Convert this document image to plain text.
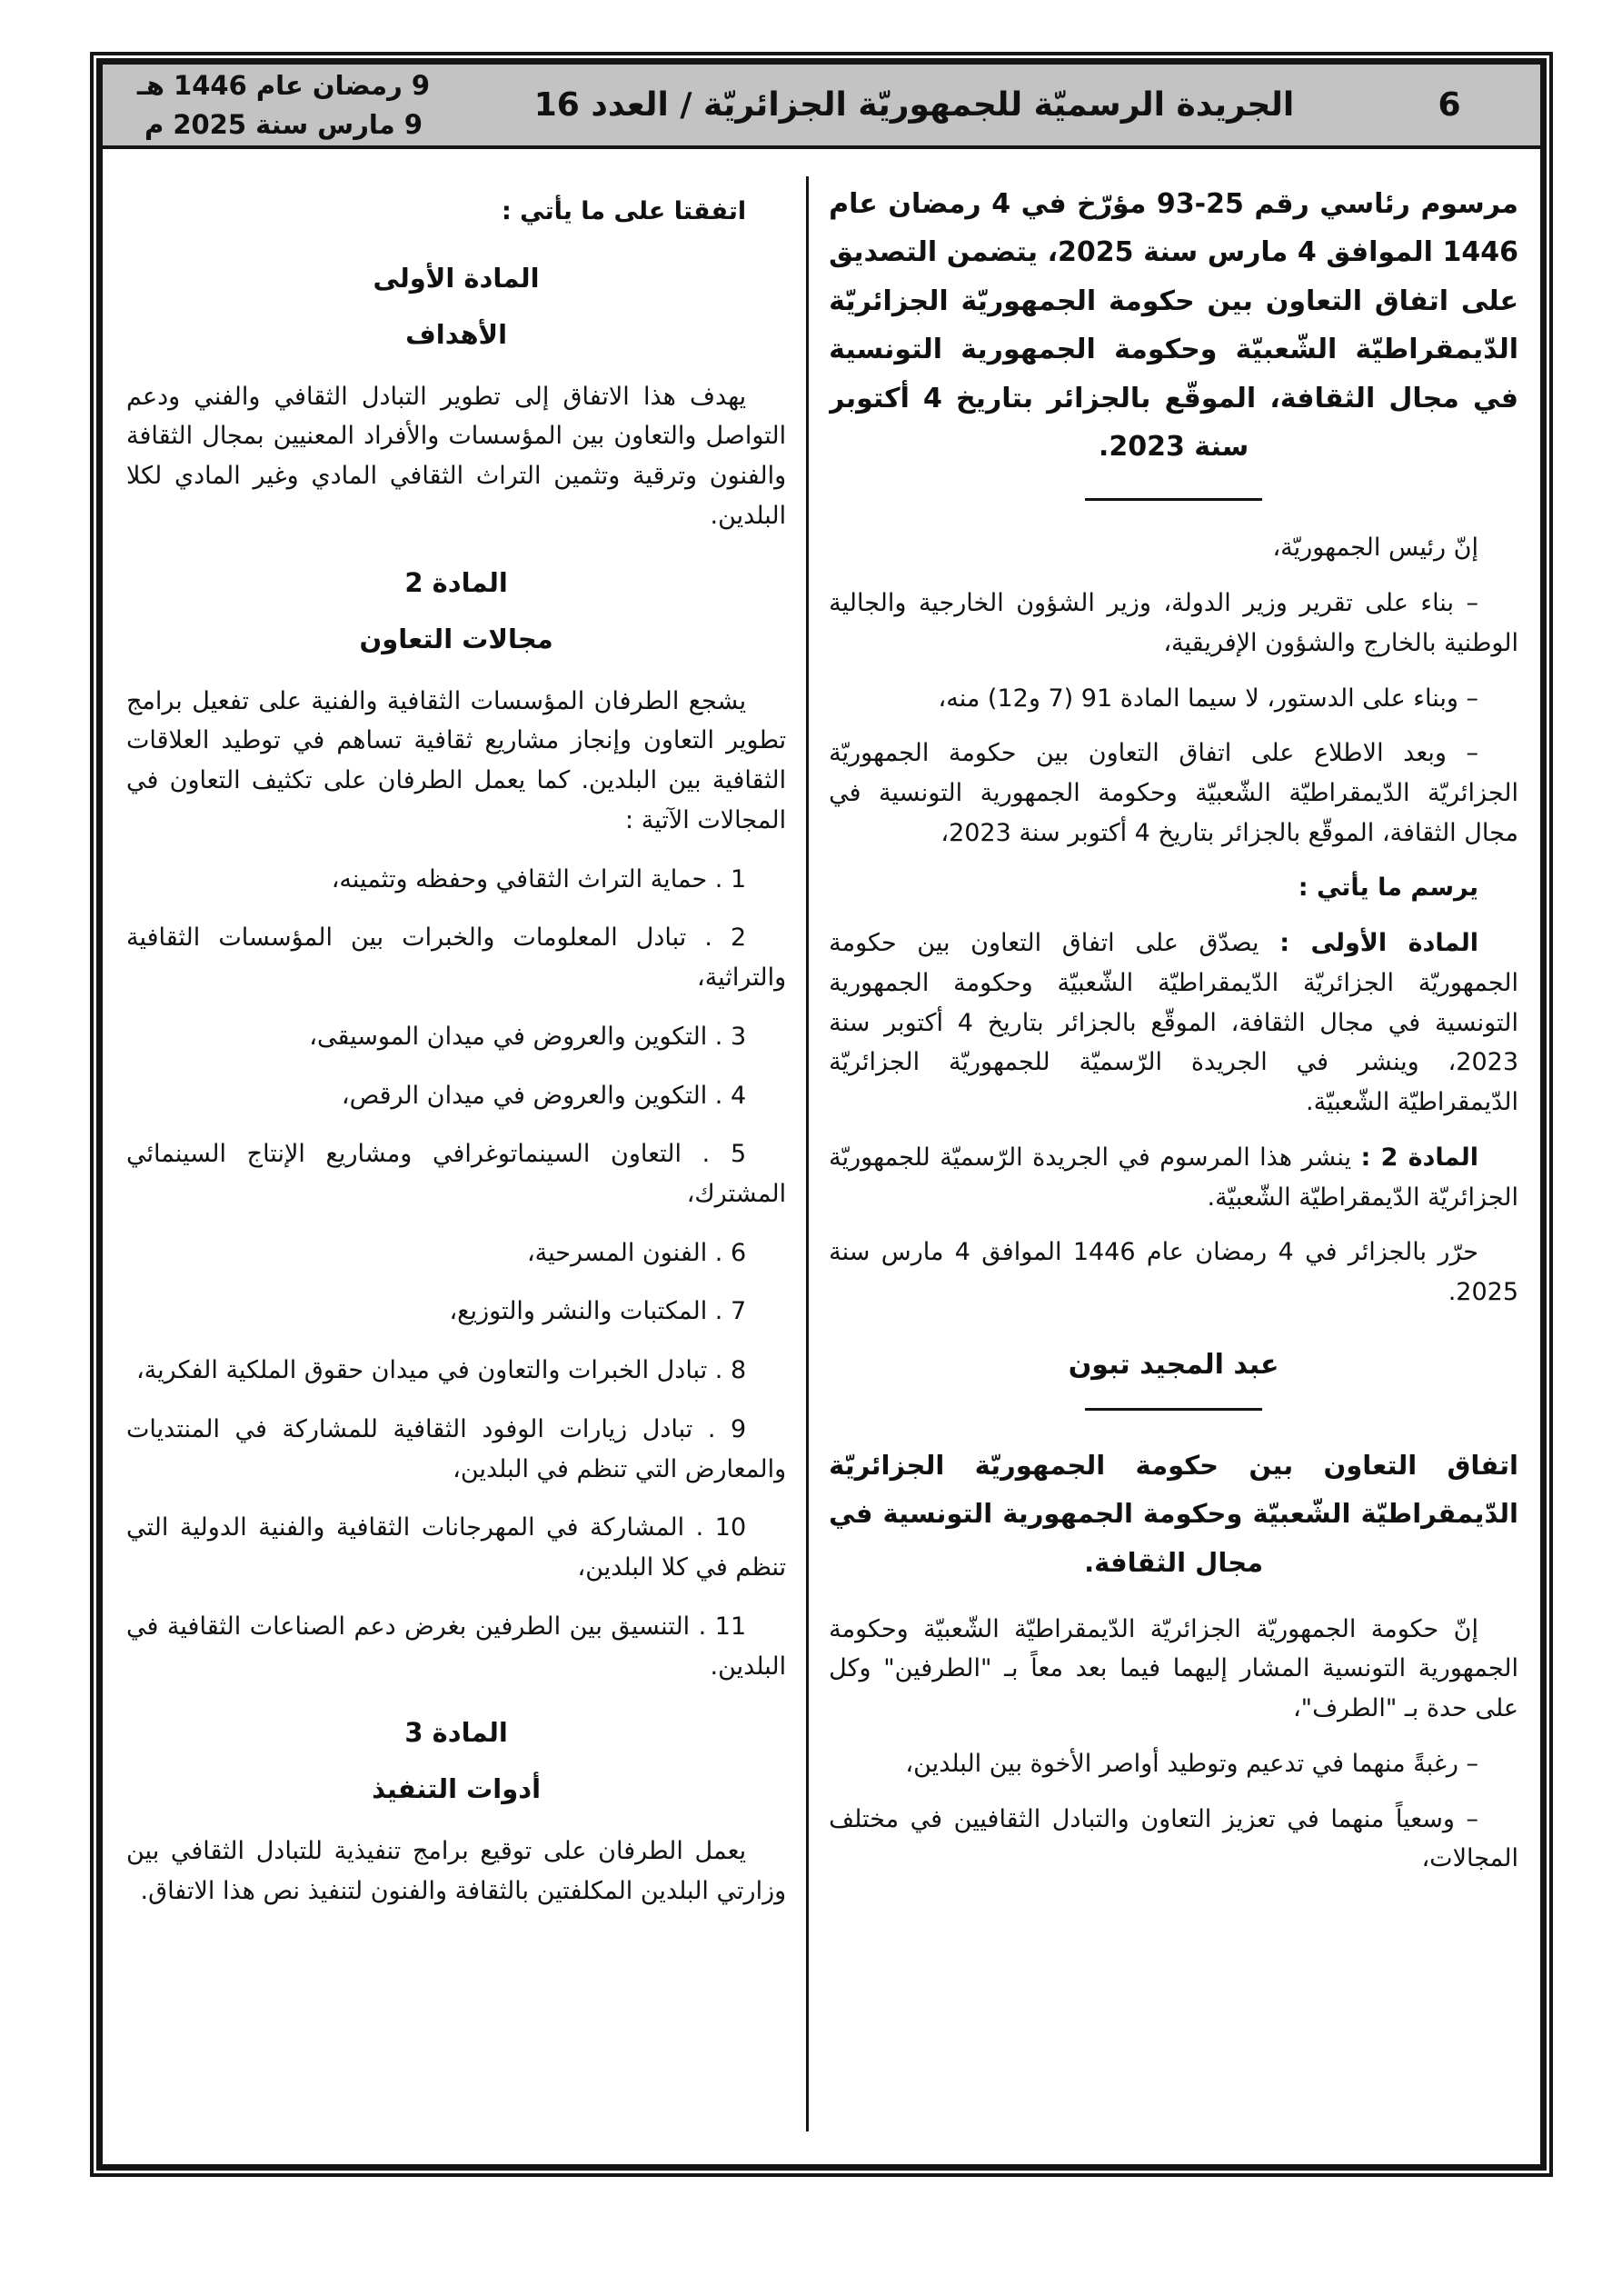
6
الجريدة الرسميّة للجمهوريّة الجزائريّة / العدد 16
9 رمضان عام 1446 هـ
9 مارس سنة 2025 م

مرسوم رئاسي رقم 25-93 مؤرّخ في 4 رمضان عام 1446 الموافق 4 مارس سنة 2025، يتضمن التصديق على اتفاق التعاون بين حكومة الجمهوريّة الجزائريّة الدّيمقراطيّة الشّعبيّة وحكومة الجمهورية التونسية في مجال الثقافة، الموقّع بالجزائر بتاريخ 4 أكتوبر سنة 2023.

إنّ رئيس الجمهوريّة،

– بناء على تقرير وزير الدولة، وزير الشؤون الخارجية والجالية الوطنية بالخارج والشؤون الإفريقية،

– وبناء على الدستور، لا سيما المادة 91 (7 و12) منه،

– وبعد الاطلاع على اتفاق التعاون بين حكومة الجمهوريّة الجزائريّة الدّيمقراطيّة الشّعبيّة وحكومة الجمهورية التونسية في مجال الثقافة، الموقّع بالجزائر بتاريخ 4 أكتوبر سنة 2023،

يرسم ما يأتي :

المادة الأولى : يصدّق على اتفاق التعاون بين حكومة الجمهوريّة الجزائريّة الدّيمقراطيّة الشّعبيّة وحكومة الجمهورية التونسية في مجال الثقافة، الموقّع بالجزائر بتاريخ 4 أكتوبر سنة 2023، وينشر في الجريدة الرّسميّة للجمهوريّة الجزائريّة الدّيمقراطيّة الشّعبيّة.

المادة 2 : ينشر هذا المرسوم في الجريدة الرّسميّة للجمهوريّة الجزائريّة الدّيمقراطيّة الشّعبيّة.

حرّر بالجزائر في 4 رمضان عام 1446 الموافق 4 مارس سنة 2025.

عبد المجيد تبون

اتفاق التعاون بين حكومة الجمهوريّة الجزائريّة الدّيمقراطيّة الشّعبيّة وحكومة الجمهورية التونسية في مجال الثقافة.

إنّ حكومة الجمهوريّة الجزائريّة الدّيمقراطيّة الشّعبيّة وحكومة الجمهورية التونسية المشار إليهما فيما بعد معاً بـ "الطرفين" وكل على حدة بـ "الطرف"،

– رغبةً منهما في تدعيم وتوطيد أواصر الأخوة بين البلدين،

– وسعياً منهما في تعزيز التعاون والتبادل الثقافيين في مختلف المجالات،

اتفقتا على ما يأتي :

المادة الأولى

الأهداف

يهدف هذا الاتفاق إلى تطوير التبادل الثقافي والفني ودعم التواصل والتعاون بين المؤسسات والأفراد المعنيين بمجال الثقافة والفنون وترقية وتثمين التراث الثقافي المادي وغير المادي لكلا البلدين.

المادة 2

مجالات التعاون

يشجع الطرفان المؤسسات الثقافية والفنية على تفعيل برامج تطوير التعاون وإنجاز مشاريع ثقافية تساهم في توطيد العلاقات الثقافية بين البلدين. كما يعمل الطرفان على تكثيف التعاون في المجالات الآتية :

1 . حماية التراث الثقافي وحفظه وتثمينه،

2 . تبادل المعلومات والخبرات بين المؤسسات الثقافية والتراثية،

3 . التكوين والعروض في ميدان الموسيقى،

4 . التكوين والعروض في ميدان الرقص،

5 . التعاون السينماتوغرافي ومشاريع الإنتاج السينمائي المشترك،

6 . الفنون المسرحية،

7 . المكتبات والنشر والتوزيع،

8 . تبادل الخبرات والتعاون في ميدان حقوق الملكية الفكرية،

9 . تبادل زيارات الوفود الثقافية للمشاركة في المنتديات والمعارض التي تنظم في البلدين،

10 . المشاركة في المهرجانات الثقافية والفنية الدولية التي تنظم في كلا البلدين،

11 . التنسيق بين الطرفين بغرض دعم الصناعات الثقافية في البلدين.

المادة 3

أدوات التنفيذ

يعمل الطرفان على توقيع برامج تنفيذية للتبادل الثقافي بين وزارتي البلدين المكلفتين بالثقافة والفنون لتنفيذ نص هذا الاتفاق.
